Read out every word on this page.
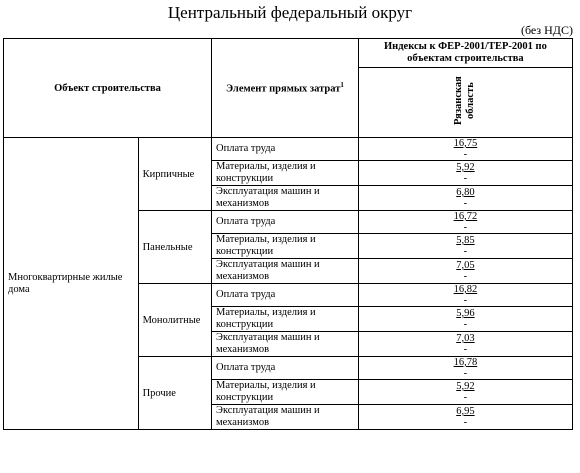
Центральный федеральный округ
(без НДС)
Объект строительства		Элемент прямых затрат$^1$	Индексы к ФЕР-2001/ТЕР-2001 по объектам строительства
			Рязанская область
Многоквартирные жилые дома	Кирпичные	Оплата труда	16,75
-

		Материалы, изделия и конструкции	5,92
-

		Эксплуатация машин и механизмов	6,80
-

	Панельные	Оплата труда	16,72
-

		Материалы, изделия и конструкции	5,85
-

		Эксплуатация машин и механизмов	7,05
-

	Монолитные	Оплата труда	16,82
-

		Материалы, изделия и конструкции	5,96
-

		Эксплуатация машин и механизмов	7,03
-

	Прочие	Оплата труда	16,78
-

		Материалы, изделия и конструкции	5,92
-

		Эксплуатация машин и механизмов	6,95
-
